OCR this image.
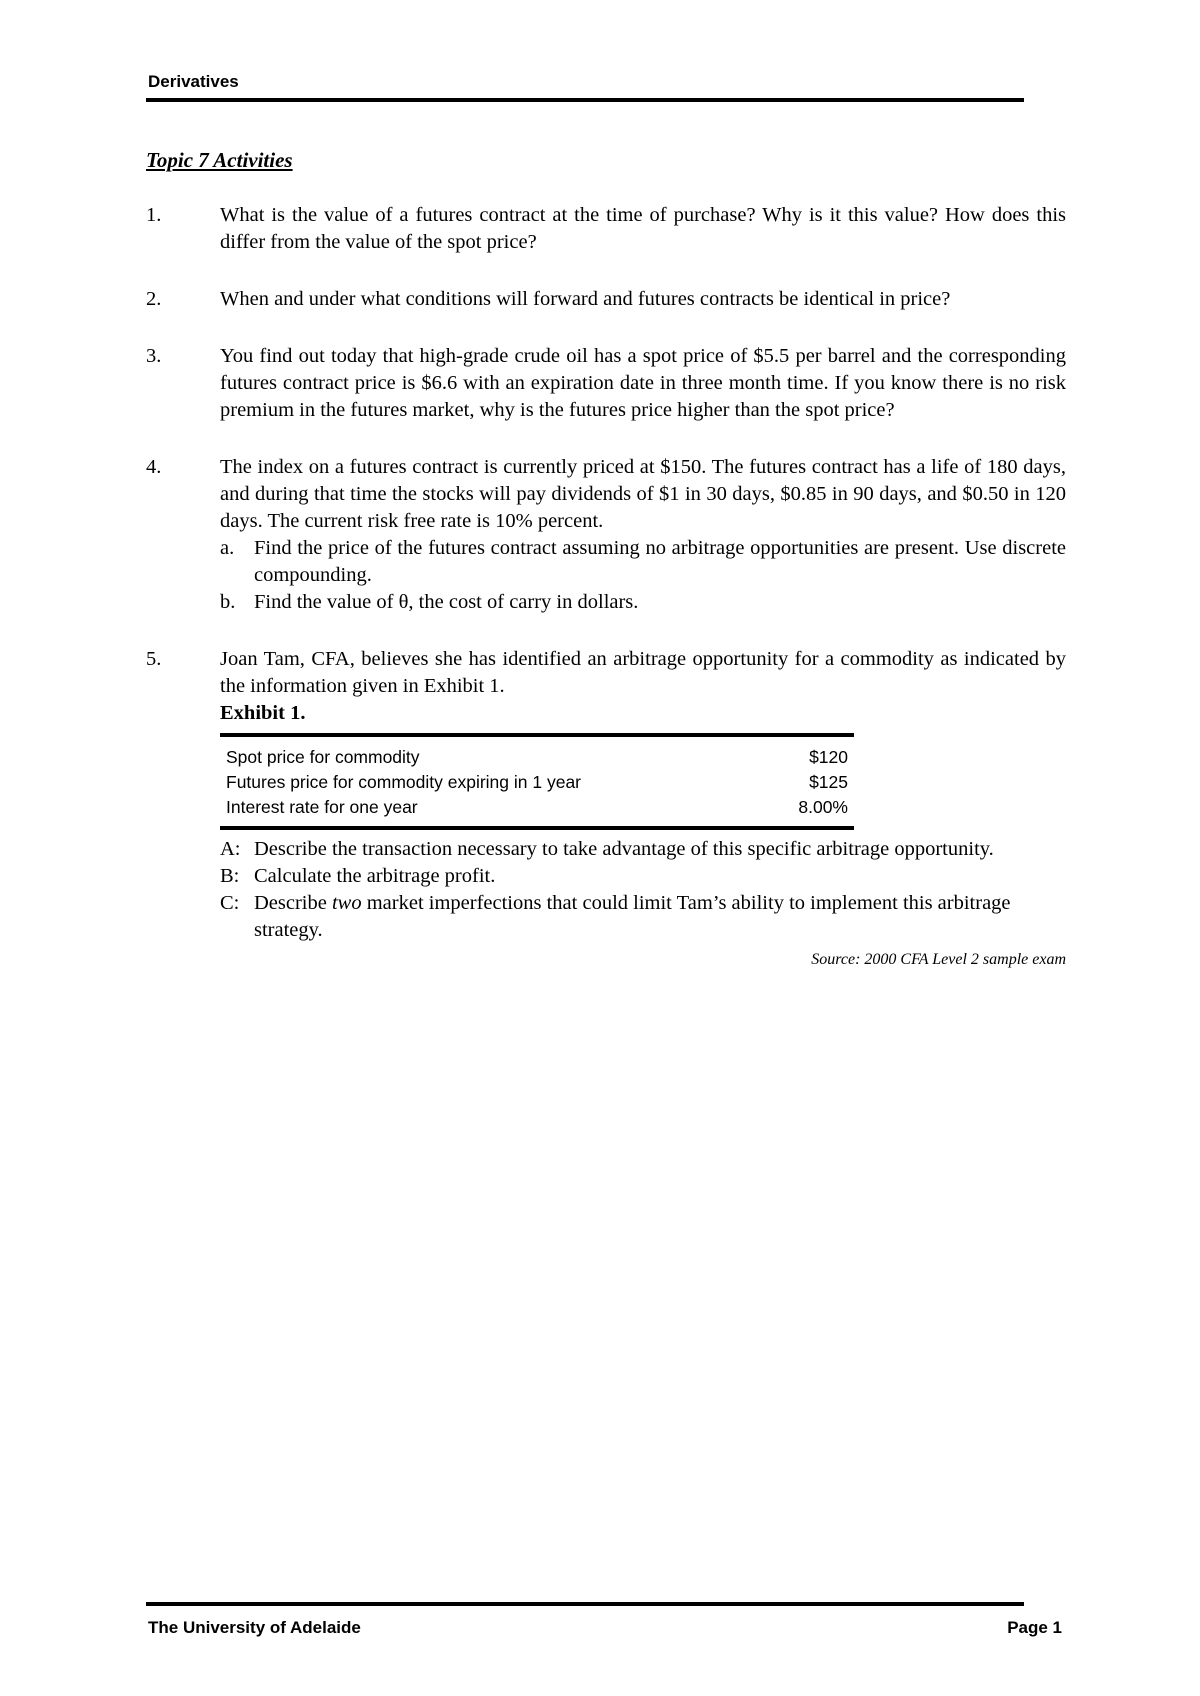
Derivatives
Topic 7 Activities
1.	What is the value of a futures contract at the time of purchase? Why is it this value? How does this differ from the value of the spot price?
2.	When and under what conditions will forward and futures contracts be identical in price?
3.	You find out today that high-grade crude oil has a spot price of $5.5 per barrel and the corresponding futures contract price is $6.6 with an expiration date in three month time. If you know there is no risk premium in the futures market, why is the futures price higher than the spot price?
4.	The index on a futures contract is currently priced at $150. The futures contract has a life of 180 days, and during that time the stocks will pay dividends of $1 in 30 days, $0.85 in 90 days, and $0.50 in 120 days. The current risk free rate is 10% percent.
a. Find the price of the futures contract assuming no arbitrage opportunities are present. Use discrete compounding.
b. Find the value of θ, the cost of carry in dollars.
5.	Joan Tam, CFA, believes she has identified an arbitrage opportunity for a commodity as indicated by the information given in Exhibit 1.
Exhibit 1.
Spot price for commodity	$120
Futures price for commodity expiring in 1 year	$125
Interest rate for one year	8.00%
A: Describe the transaction necessary to take advantage of this specific arbitrage opportunity.
B: Calculate the arbitrage profit.
C: Describe two market imperfections that could limit Tam’s ability to implement this arbitrage strategy.
Source: 2000 CFA Level 2 sample exam
The University of Adelaide	Page 1
